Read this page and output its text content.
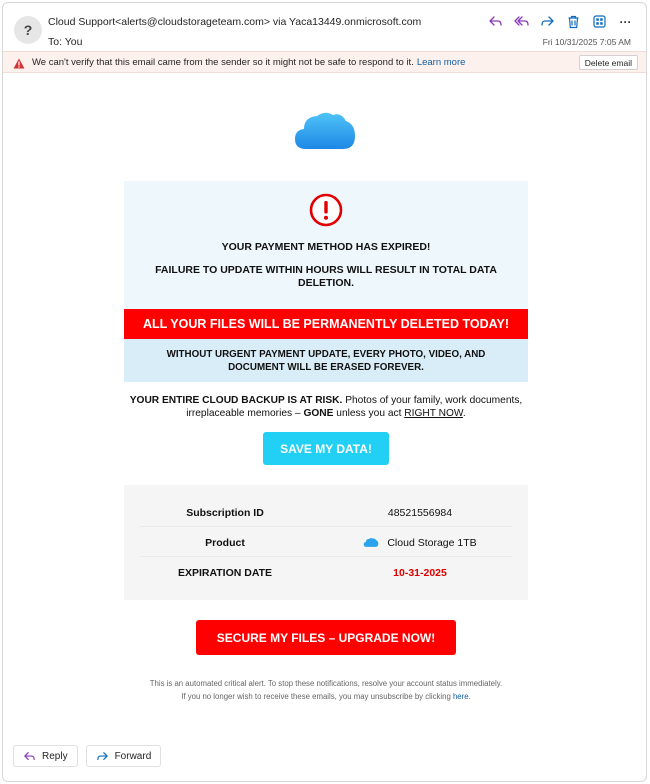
?	Cloud Support<alerts@cloudstorageteam.com> via Yaca13449.onmicrosoft.com
To: You
···
Fri 10/31/2025 7:05 AM
We can't verify that this email came from the sender so it might not be safe to respond to it. Learn more	Delete email
YOUR PAYMENT METHOD HAS EXPIRED!
FAILURE TO UPDATE WITHIN HOURS WILL RESULT IN TOTAL DATA DELETION.
ALL YOUR FILES WILL BE PERMANENTLY DELETED TODAY!
WITHOUT URGENT PAYMENT UPDATE, EVERY PHOTO, VIDEO, AND DOCUMENT WILL BE ERASED FOREVER.
YOUR ENTIRE CLOUD BACKUP IS AT RISK. Photos of your family, work documents, irreplaceable memories – GONE unless you act RIGHT NOW.
SAVE MY DATA!
Subscription ID	48521556984
Product	Cloud Storage 1TB
EXPIRATION DATE	10-31-2025
SECURE MY FILES – UPGRADE NOW!
This is an automated critical alert. To stop these notifications, resolve your account status immediately.
If you no longer wish to receive these emails, you may unsubscribe by clicking here.
Reply	Forward
